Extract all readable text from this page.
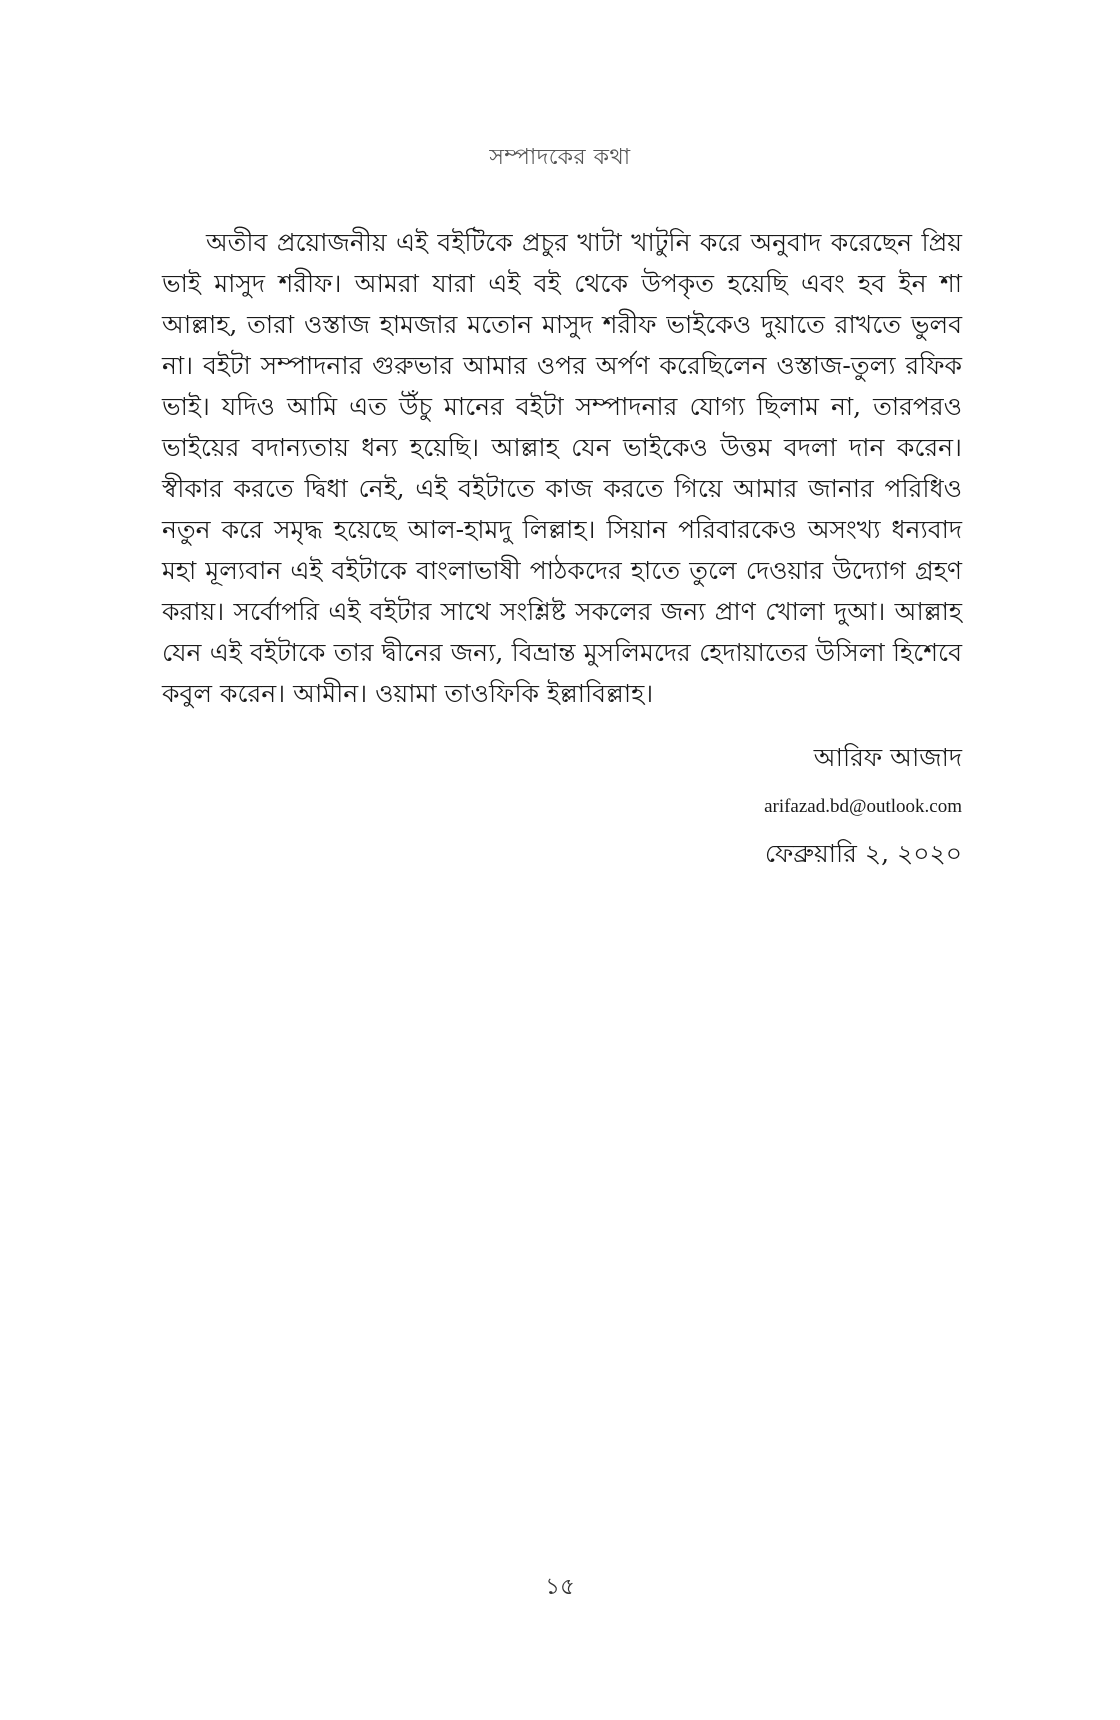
সম্পাদকের কথা

অতীব প্রয়োজনীয় এই বইটিকে প্রচুর খাটা খাটুনি করে অনুবাদ করেছেন প্রিয় ভাই মাসুদ শরীফ। আমরা যারা এই বই থেকে উপকৃত হয়েছি এবং হব ইন শা আল্লাহ, তারা ওস্তাজ হামজার মতোন মাসুদ শরীফ ভাইকেও দুয়াতে রাখতে ভুলব না। বইটা সম্পাদনার গুরুভার আমার ওপর অর্পণ করেছিলেন ওস্তাজ-তুল্য রফিক ভাই। যদিও আমি এত উঁচু মানের বইটা সম্পাদনার যোগ্য ছিলাম না, তারপরও ভাইয়ের বদান্যতায় ধন্য হয়েছি। আল্লাহ যেন ভাইকেও উত্তম বদলা দান করেন। স্বীকার করতে দ্বিধা নেই, এই বইটাতে কাজ করতে গিয়ে আমার জানার পরিধিও নতুন করে সমৃদ্ধ হয়েছে আল-হামদু লিল্লাহ। সিয়ান পরিবারকেও অসংখ্য ধন্যবাদ মহা মূল্যবান এই বইটাকে বাংলাভাষী পাঠকদের হাতে তুলে দেওয়ার উদ্যোগ গ্রহণ করায়। সর্বোপরি এই বইটার সাথে সংশ্লিষ্ট সকলের জন্য প্রাণ খোলা দুআ। আল্লাহ যেন এই বইটাকে তার দ্বীনের জন্য, বিভ্রান্ত মুসলিমদের হেদায়াতের উসিলা হিশেবে কবুল করেন। আমীন। ওয়ামা তাওফিকি ইল্লাবিল্লাহ।

আরিফ আজাদ

arifazad.bd@outlook.com

ফেব্রুয়ারি ২, ২০২০

১৫
